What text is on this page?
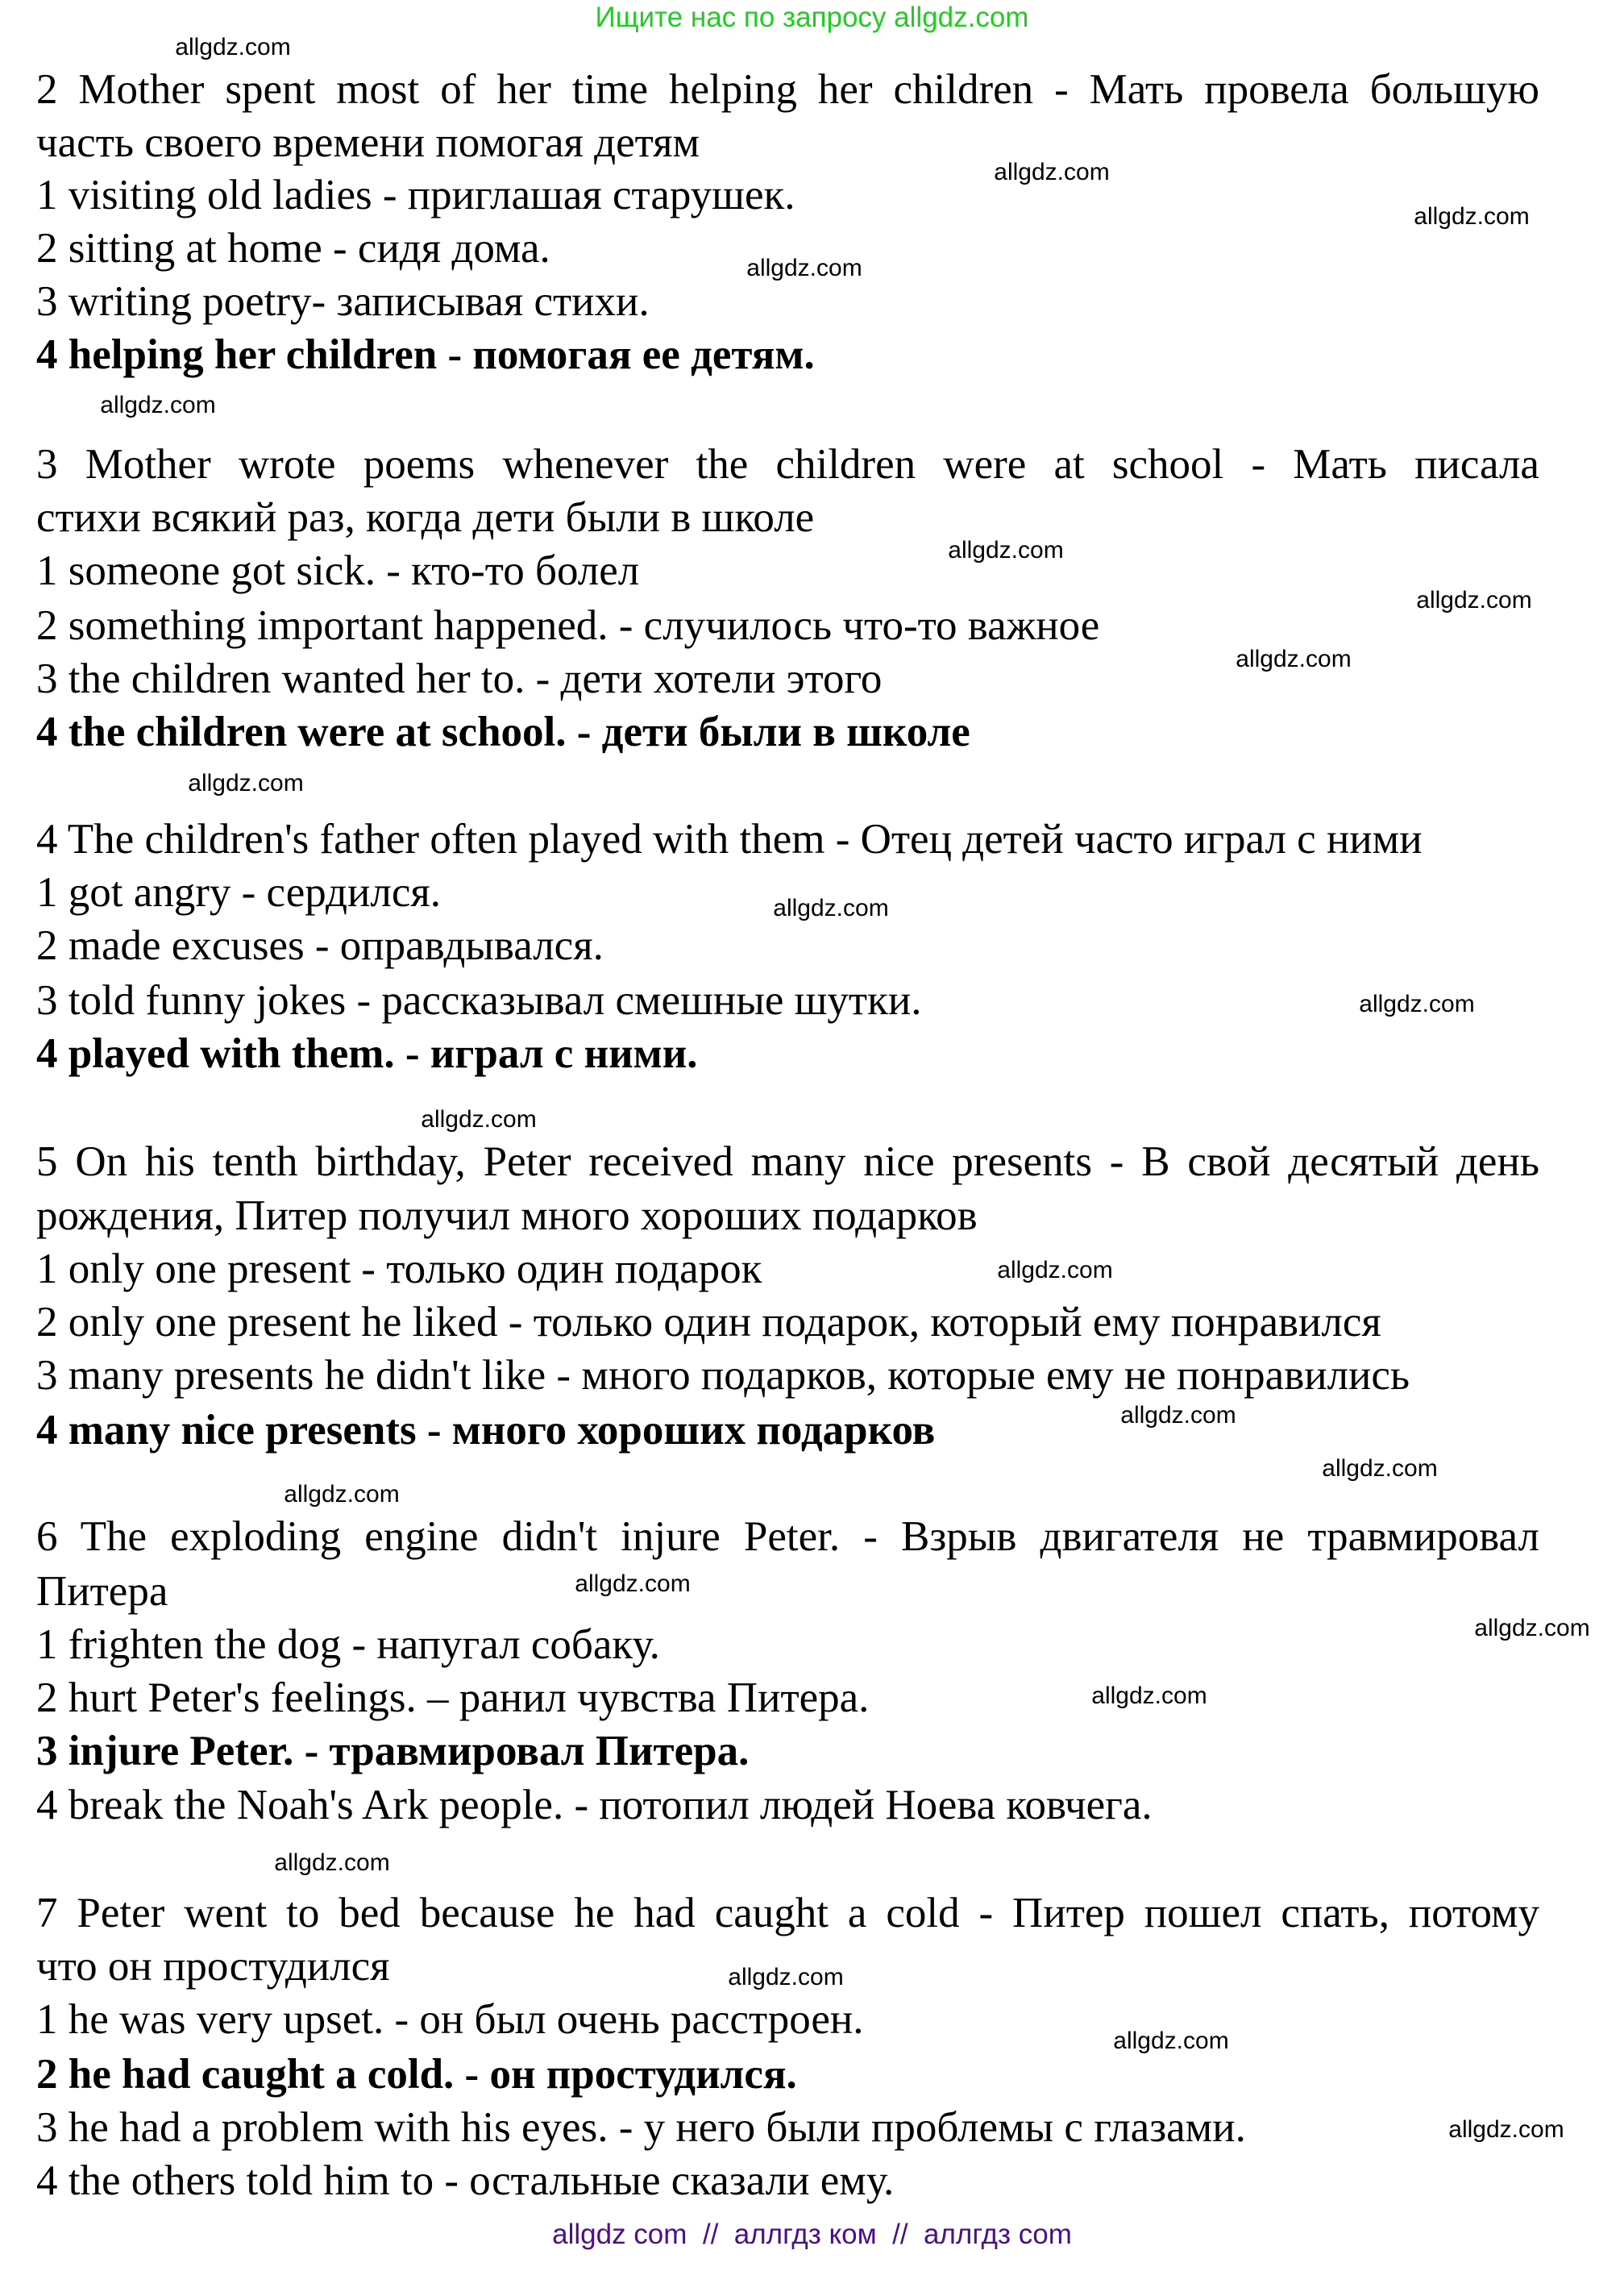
Ищите нас по запросу allgdz.com
2 Mother spent most of her time helping her children - Мать провела большую
часть своего времени помогая детям
1 visiting old ladies - приглашая старушек.
2 sitting at home - сидя дома.
3 writing poetry- записывая стихи.
4 helping her children - помогая ее детям.
3 Mother wrote poems whenever the children were at school - Мать писала
стихи всякий раз, когда дети были в школе
1 someone got sick. - кто-то болел
2 something important happened. - случилось что-то важное
3 the children wanted her to. - дети хотели этого
4 the children were at school. - дети были в школе
4 The children's father often played with them - Отец детей часто играл с ними
1 got angry - сердился.
2 made excuses - оправдывался.
3 told funny jokes - рассказывал смешные шутки.
4 played with them. - играл с ними.
5 On his tenth birthday, Peter received many nice presents - В свой десятый день
рождения, Питер получил много хороших подарков
1 only one present - только один подарок
2 only one present he liked - только один подарок, который ему понравился
3 many presents he didn't like - много подарков, которые ему не понравились
4 many nice presents - много хороших подарков
6 The exploding engine didn't injure Peter. - Взрыв двигателя не травмировал
Питера
1 frighten the dog - напугал собаку.
2 hurt Peter's feelings. – ранил чувства Питера.
3 injure Peter. - травмировал Питера.
4 break the Noah's Ark people. - потопил людей Ноева ковчега.
7 Peter went to bed because he had caught a cold - Питер пошел спать, потому
что он простудился
1 he was very upset. - он был очень расстроен.
2 he had caught a cold. - он простудился.
3 he had a problem with his eyes. - у него были проблемы с глазами.
4 the others told him to - остальные сказали ему.
allgdz.com
allgdz.com
allgdz.com
allgdz.com
allgdz.com
allgdz.com
allgdz.com
allgdz.com
allgdz.com
allgdz.com
allgdz.com
allgdz.com
allgdz.com
allgdz.com
allgdz.com
allgdz.com
allgdz.com
allgdz.com
allgdz.com
allgdz.com
allgdz.com
allgdz.com
allgdz.com
allgdz com  //  аллгдз ком  //  аллгдз com
